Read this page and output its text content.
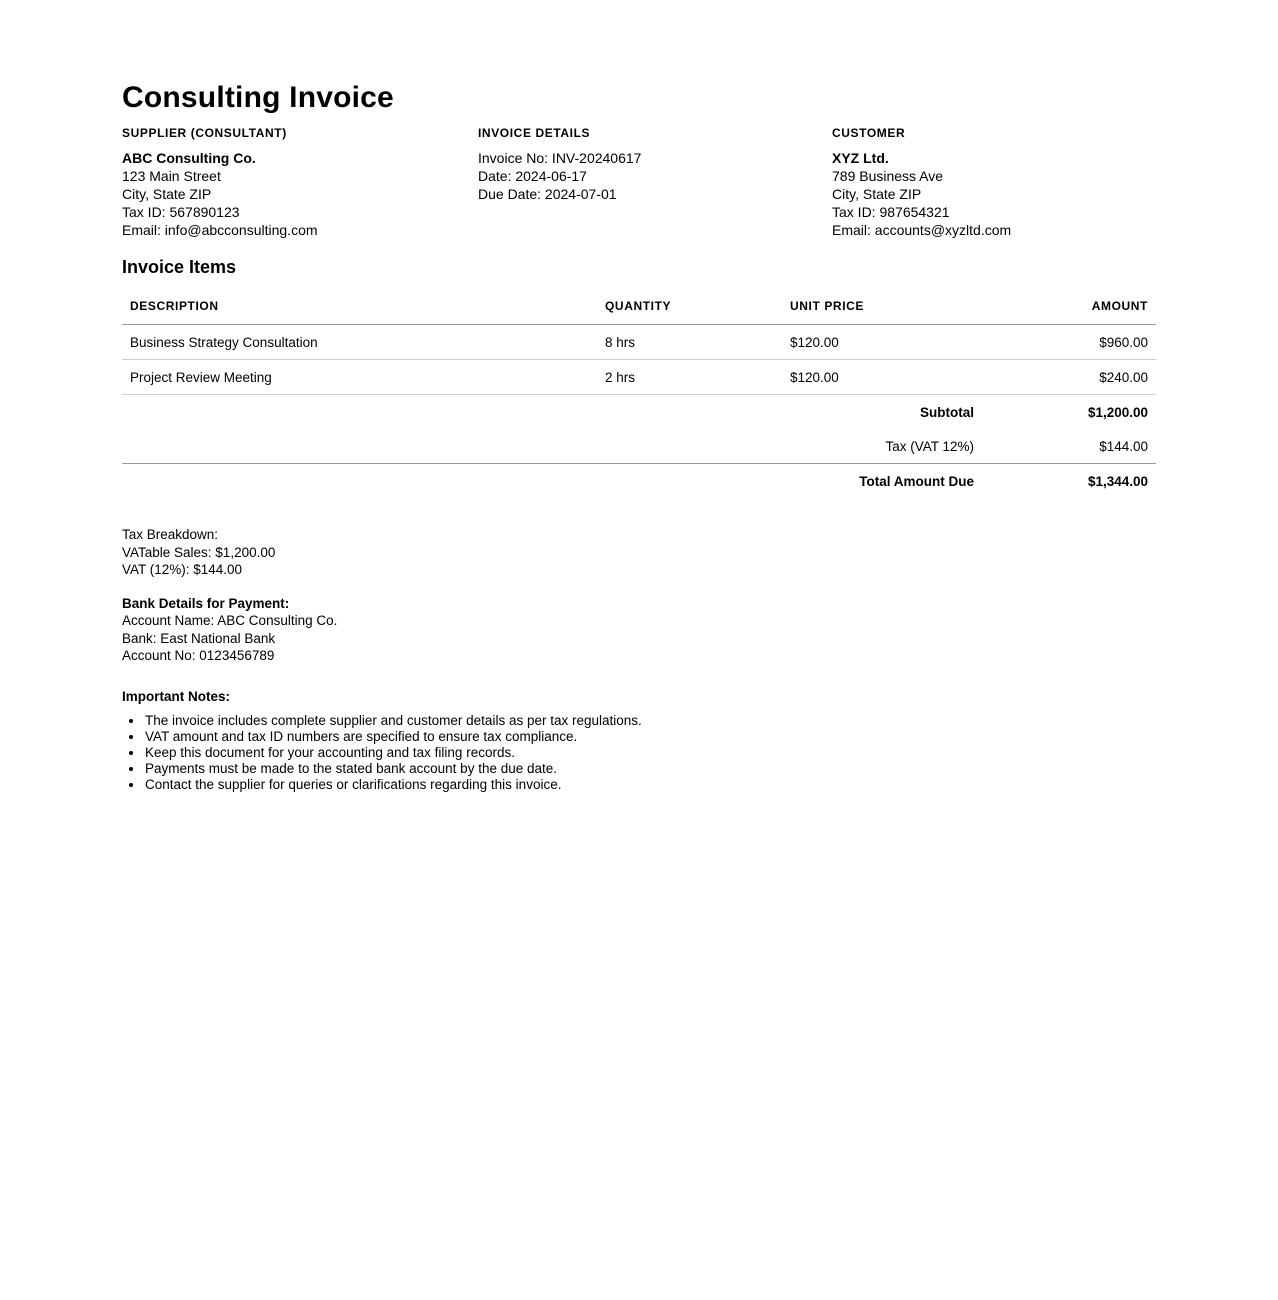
Consulting Invoice
SUPPLIER (CONSULTANT)
ABC Consulting Co.
123 Main Street
City, State ZIP
Tax ID: 567890123
Email: info@abcconsulting.com
INVOICE DETAILS
Invoice No: INV-20240617
Date: 2024-06-17
Due Date: 2024-07-01
CUSTOMER
XYZ Ltd.
789 Business Ave
City, State ZIP
Tax ID: 987654321
Email: accounts@xyzltd.com
Invoice Items
DESCRIPTION	QUANTITY	UNIT PRICE	AMOUNT
Business Strategy Consultation	8 hrs	$120.00	$960.00
Project Review Meeting	2 hrs	$120.00	$240.00
Subtotal			$1,200.00
Tax (VAT 12%)			$144.00
Total Amount Due			$1,344.00
Tax Breakdown:
VATable Sales: $1,200.00
VAT (12%): $144.00
Bank Details for Payment:
Account Name: ABC Consulting Co.
Bank: East National Bank
Account No: 0123456789
Important Notes:
• The invoice includes complete supplier and customer details as per tax regulations.
• VAT amount and tax ID numbers are specified to ensure tax compliance.
• Keep this document for your accounting and tax filing records.
• Payments must be made to the stated bank account by the due date.
• Contact the supplier for queries or clarifications regarding this invoice.
